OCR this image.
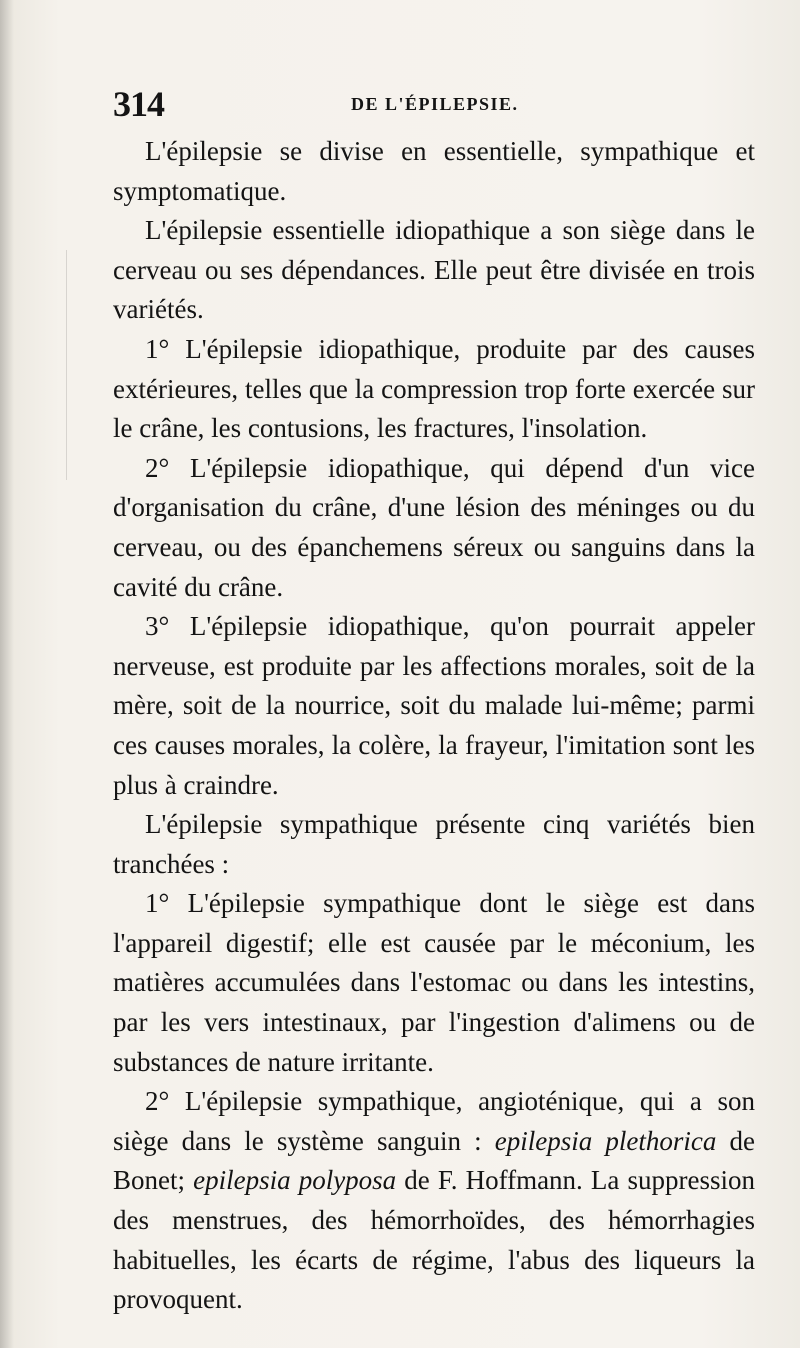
314	DE L'ÉPILEPSIE.

L'épilepsie se divise en essentielle, sympathique et symptomatique.

L'épilepsie essentielle idiopathique a son siège dans le cerveau ou ses dépendances. Elle peut être divisée en trois variétés.

1° L'épilepsie idiopathique, produite par des causes extérieures, telles que la compression trop forte exercée sur le crâne, les contusions, les fractures, l'insolation.

2° L'épilepsie idiopathique, qui dépend d'un vice d'organisation du crâne, d'une lésion des méninges ou du cerveau, ou des épanchemens séreux ou sanguins dans la cavité du crâne.

3° L'épilepsie idiopathique, qu'on pourrait appeler nerveuse, est produite par les affections morales, soit de la mère, soit de la nourrice, soit du malade lui-même; parmi ces causes morales, la colère, la frayeur, l'imitation sont les plus à craindre.

L'épilepsie sympathique présente cinq variétés bien tranchées :

1° L'épilepsie sympathique dont le siège est dans l'appareil digestif; elle est causée par le méconium, les matières accumulées dans l'estomac ou dans les intestins, par les vers intestinaux, par l'ingestion d'alimens ou de substances de nature irritante.

2° L'épilepsie sympathique, angioténique, qui a son siège dans le système sanguin : epilepsia plethorica de Bonet; epilepsia polyposa de F. Hoffmann. La suppression des menstrues, des hémorrhoïdes, des hémorrhagies habituelles, les écarts de régime, l'abus des liqueurs la provoquent.
